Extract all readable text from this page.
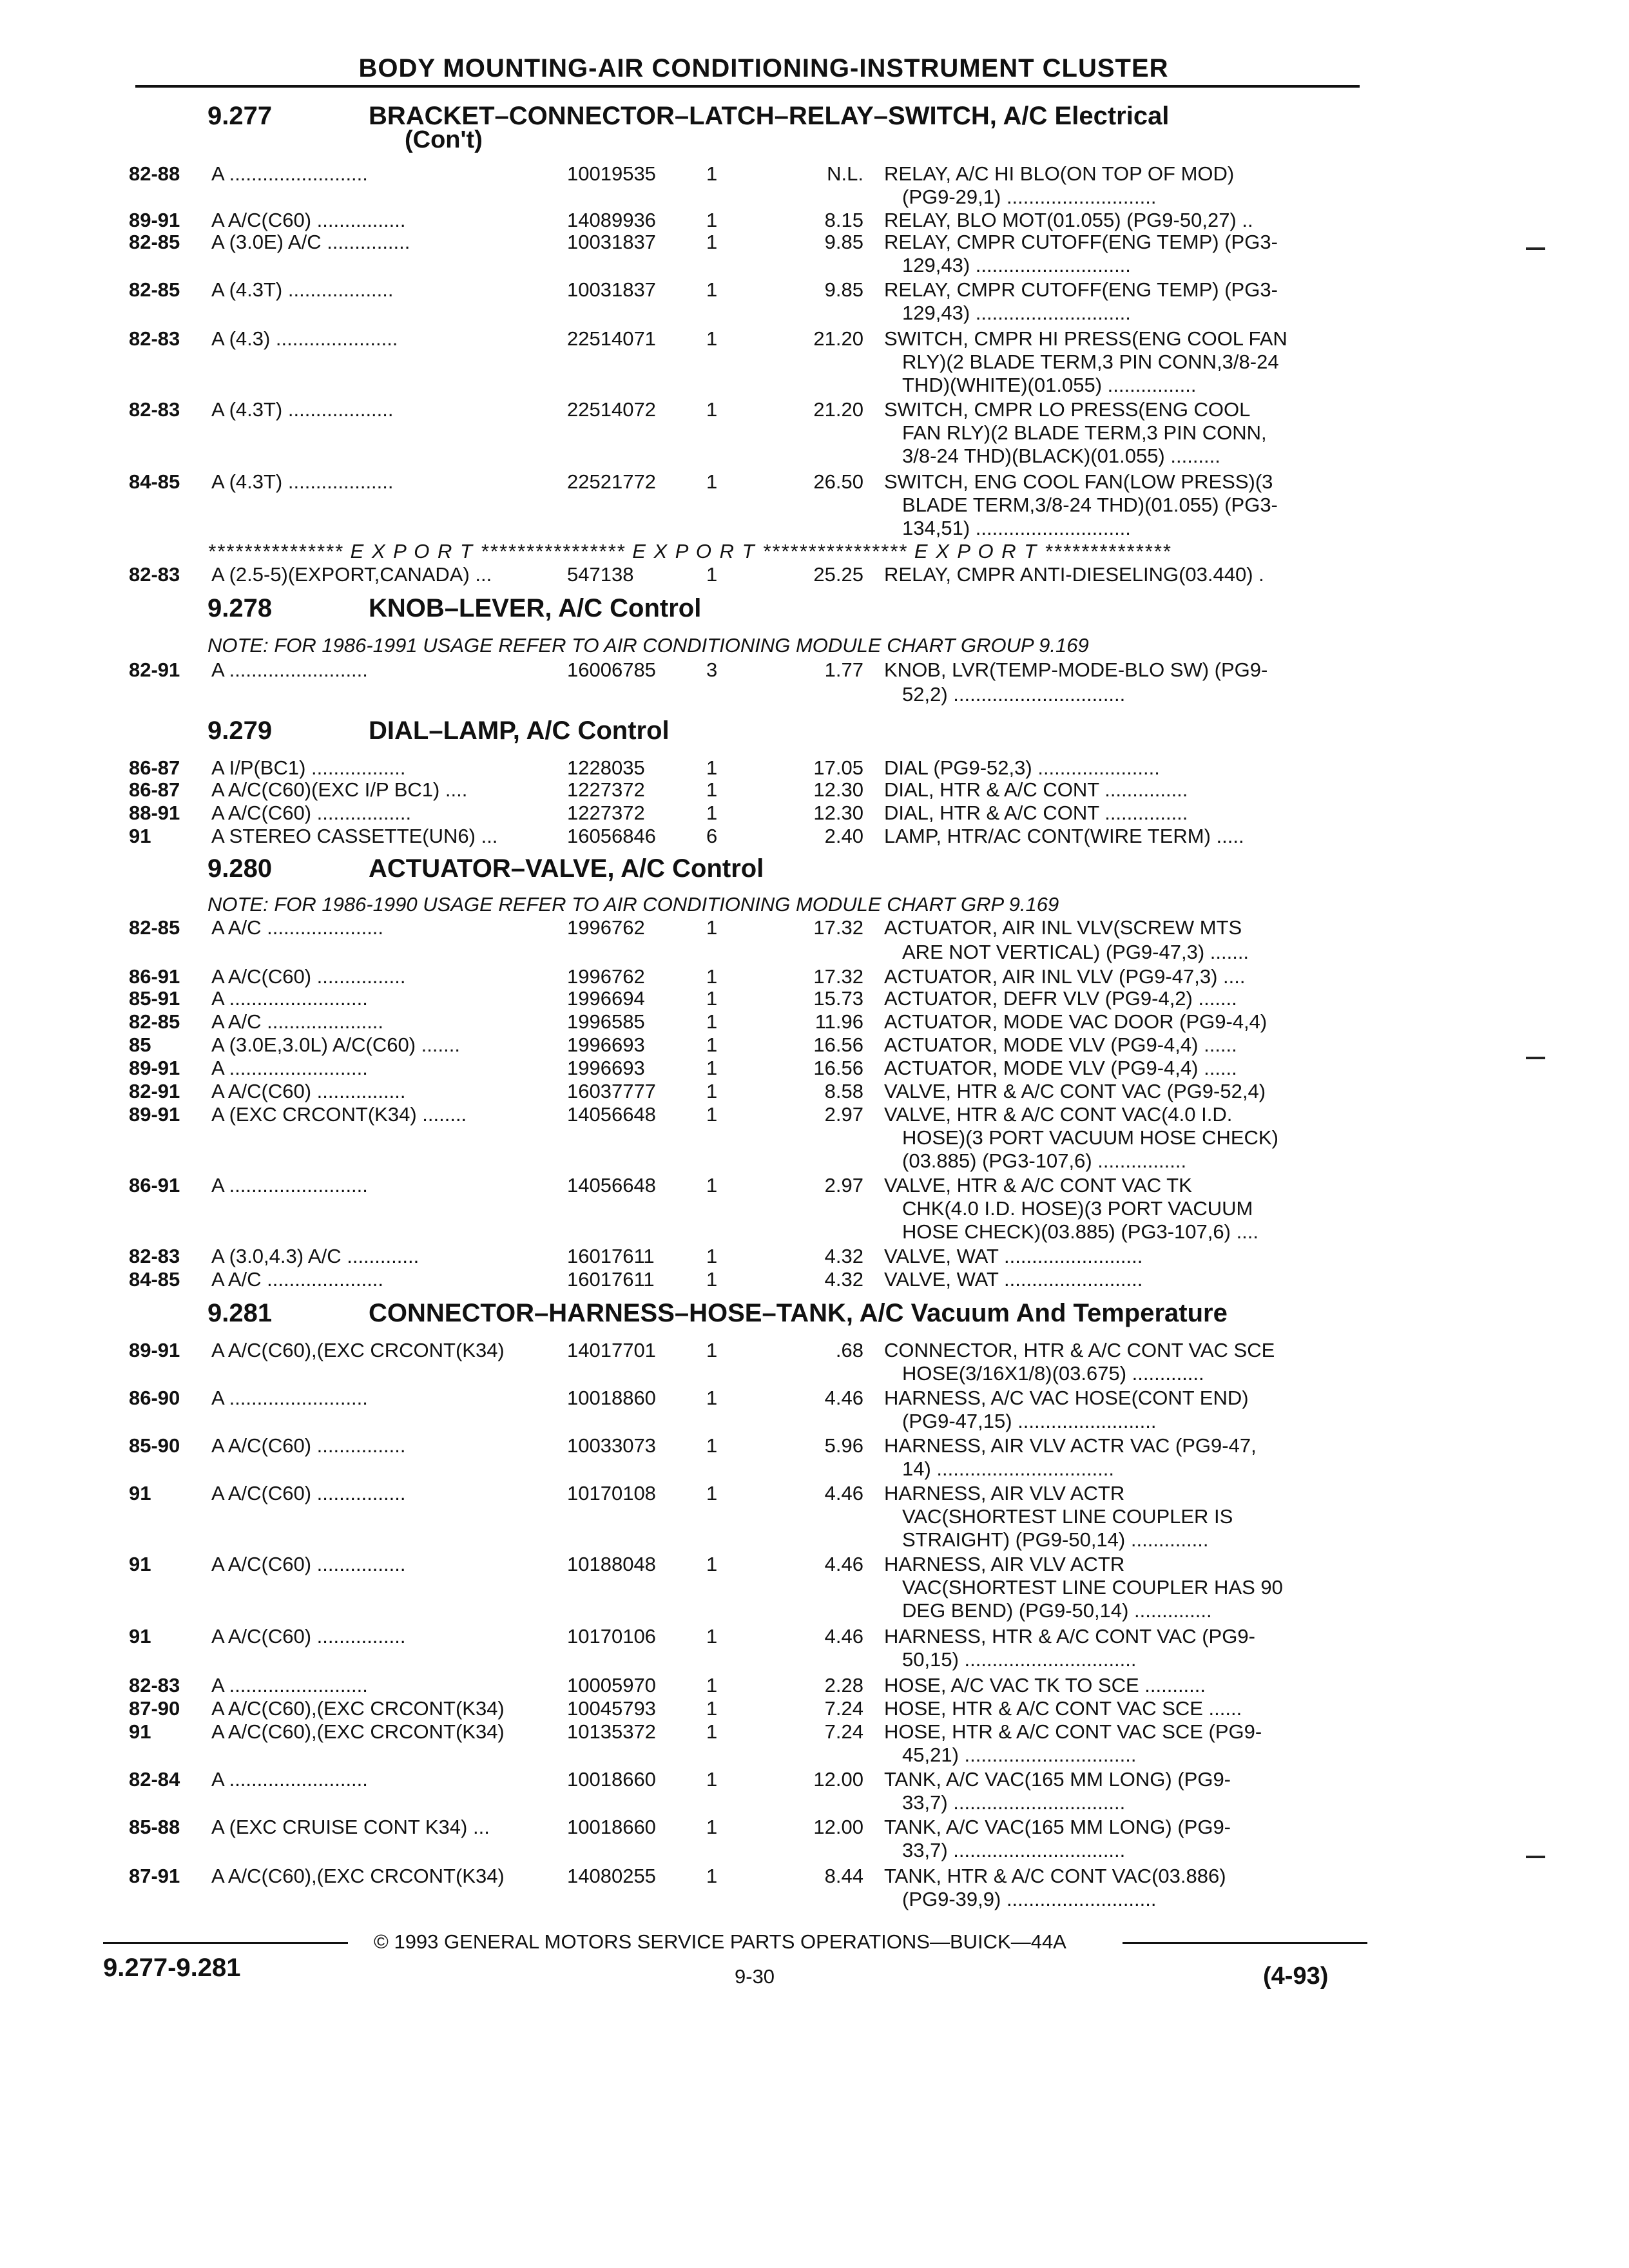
BODY MOUNTING-AIR CONDITIONING-INSTRUMENT CLUSTER
9.277	BRACKET–CONNECTOR–LATCH–RELAY–SWITCH, A/C Electrical
(Con't)
82-88 A .........................	10019535	1	N.L. RELAY, A/C HI BLO(ON TOP OF MOD)
(PG9-29,1) ...........................
89-91 A A/C(C60) ................	14089936	1	8.15 RELAY, BLO MOT(01.055) (PG9-50,27) ..
82-85 A (3.0E) A/C ...............	10031837	1	9.85 RELAY, CMPR CUTOFF(ENG TEMP) (PG3-
129,43) ............................
82-85 A (4.3T) ...................	10031837	1	9.85 RELAY, CMPR CUTOFF(ENG TEMP) (PG3-
129,43) ............................
82-83 A (4.3) ......................	22514071	1	21.20 SWITCH, CMPR HI PRESS(ENG COOL FAN
RLY)(2 BLADE TERM,3 PIN CONN,3/8-24
THD)(WHITE)(01.055) ................
82-83 A (4.3T) ...................	22514072	1	21.20 SWITCH, CMPR LO PRESS(ENG COOL
FAN RLY)(2 BLADE TERM,3 PIN CONN,
3/8-24 THD)(BLACK)(01.055) .........
84-85 A (4.3T) ...................	22521772	1	26.50 SWITCH, ENG COOL FAN(LOW PRESS)(3
BLADE TERM,3/8-24 THD)(01.055) (PG3-
134,51) ............................
*************** E X P O R T **************** E X P O R T **************** E X P O R T **************
82-83 A (2.5-5)(EXPORT,CANADA) ...	547138	1	25.25 RELAY, CMPR ANTI-DIESELING(03.440) .
9.278	KNOB–LEVER, A/C Control
NOTE: FOR 1986-1991 USAGE REFER TO AIR CONDITIONING MODULE CHART GROUP 9.169
82-91 A .........................	16006785	3	1.77 KNOB, LVR(TEMP-MODE-BLO SW) (PG9-
52,2) ...............................
9.279	DIAL–LAMP, A/C Control
86-87 A I/P(BC1) .................	1228035	1	17.05 DIAL (PG9-52,3) ......................
86-87 A A/C(C60)(EXC I/P BC1) ....	1227372	1	12.30 DIAL, HTR & A/C CONT ...............
88-91 A A/C(C60) .................	1227372	1	12.30 DIAL, HTR & A/C CONT ...............
91	A STEREO CASSETTE(UN6) ...	16056846	6	2.40 LAMP, HTR/AC CONT(WIRE TERM) .....
9.280	ACTUATOR–VALVE, A/C Control
NOTE: FOR 1986-1990 USAGE REFER TO AIR CONDITIONING MODULE CHART GRP 9.169
82-85 A A/C .....................	1996762	1	17.32 ACTUATOR, AIR INL VLV(SCREW MTS
ARE NOT VERTICAL) (PG9-47,3) .......
86-91 A A/C(C60) ................	1996762	1	17.32 ACTUATOR, AIR INL VLV (PG9-47,3) ....
85-91 A .........................	1996694	1	15.73 ACTUATOR, DEFR VLV (PG9-4,2) .......
82-85 A A/C .....................	1996585	1	11.96 ACTUATOR, MODE VAC DOOR (PG9-4,4)
85	A (3.0E,3.0L) A/C(C60) .......	1996693	1	16.56 ACTUATOR, MODE VLV (PG9-4,4) ......
89-91 A .........................	1996693	1	16.56 ACTUATOR, MODE VLV (PG9-4,4) ......
82-91 A A/C(C60) ................	16037777	1	8.58 VALVE, HTR & A/C CONT VAC (PG9-52,4)
89-91 A (EXC CRCONT(K34) ........	14056648	1	2.97 VALVE, HTR & A/C CONT VAC(4.0 I.D.
HOSE)(3 PORT VACUUM HOSE CHECK)
(03.885) (PG3-107,6) ................
86-91 A .........................	14056648	1	2.97 VALVE, HTR & A/C CONT VAC TK
CHK(4.0 I.D. HOSE)(3 PORT VACUUM
HOSE CHECK)(03.885) (PG3-107,6) ....
82-83 A (3.0,4.3) A/C .............	16017611	1	4.32 VALVE, WAT .........................
84-85 A A/C .....................	16017611	1	4.32 VALVE, WAT .........................
9.281	CONNECTOR–HARNESS–HOSE–TANK, A/C Vacuum And Temperature
89-91 A A/C(C60),(EXC CRCONT(K34)	14017701	1	.68 CONNECTOR, HTR & A/C CONT VAC SCE
HOSE(3/16X1/8)(03.675) .............
86-90 A .........................	10018860	1	4.46 HARNESS, A/C VAC HOSE(CONT END)
(PG9-47,15) .........................
85-90 A A/C(C60) ................	10033073	1	5.96 HARNESS, AIR VLV ACTR VAC (PG9-47,
14) ................................
91	A A/C(C60) ................	10170108	1	4.46 HARNESS, AIR VLV ACTR
VAC(SHORTEST LINE COUPLER IS
STRAIGHT) (PG9-50,14) ..............
91	A A/C(C60) ................	10188048	1	4.46 HARNESS, AIR VLV ACTR
VAC(SHORTEST LINE COUPLER HAS 90
DEG BEND) (PG9-50,14) ..............
91	A A/C(C60) ................	10170106	1	4.46 HARNESS, HTR & A/C CONT VAC (PG9-
50,15) ...............................
82-83 A .........................	10005970	1	2.28 HOSE, A/C VAC TK TO SCE ...........
87-90 A A/C(C60),(EXC CRCONT(K34)	10045793	1	7.24 HOSE, HTR & A/C CONT VAC SCE ......
91	A A/C(C60),(EXC CRCONT(K34)	10135372	1	7.24 HOSE, HTR & A/C CONT VAC SCE (PG9-
45,21) ...............................
82-84 A .........................	10018660	1	12.00 TANK, A/C VAC(165 MM LONG) (PG9-
33,7) ...............................
85-88 A (EXC CRUISE CONT K34) ...	10018660	1	12.00 TANK, A/C VAC(165 MM LONG) (PG9-
33,7) ...............................
87-91 A A/C(C60),(EXC CRCONT(K34)	14080255	1	8.44 TANK, HTR & A/C CONT VAC(03.886)
(PG9-39,9) ...........................
© 1993 GENERAL MOTORS SERVICE PARTS OPERATIONS—BUICK—44A
9.277-9.281	9-30	(4-93)
